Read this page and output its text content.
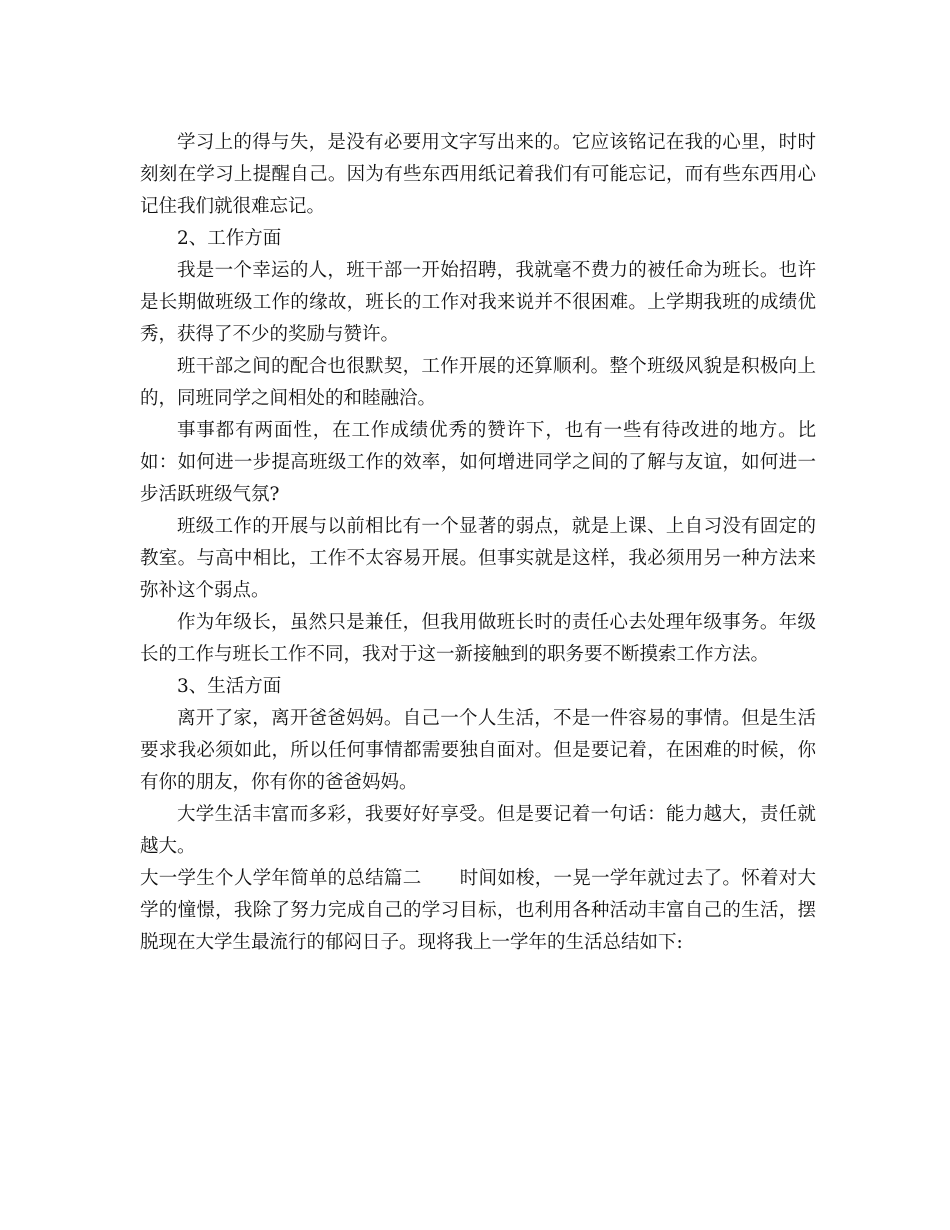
学习上的得与失，是没有必要用文字写出来的。它应该铭记在我的心里，时时刻刻在学习上提醒自己。因为有些东西用纸记着我们有可能忘记，而有些东西用心记住我们就很难忘记。

2、工作方面

我是一个幸运的人，班干部一开始招聘，我就毫不费力的被任命为班长。也许是长期做班级工作的缘故，班长的工作对我来说并不很困难。上学期我班的成绩优秀，获得了不少的奖励与赞许。

班干部之间的配合也很默契，工作开展的还算顺利。整个班级风貌是积极向上的，同班同学之间相处的和睦融洽。

事事都有两面性，在工作成绩优秀的赞许下，也有一些有待改进的地方。比如：如何进一步提高班级工作的效率，如何增进同学之间的了解与友谊，如何进一步活跃班级气氛?

班级工作的开展与以前相比有一个显著的弱点，就是上课、上自习没有固定的教室。与高中相比，工作不太容易开展。但事实就是这样，我必须用另一种方法来弥补这个弱点。

作为年级长，虽然只是兼任，但我用做班长时的责任心去处理年级事务。年级长的工作与班长工作不同，我对于这一新接触到的职务要不断摸索工作方法。

3、生活方面

离开了家，离开爸爸妈妈。自己一个人生活，不是一件容易的事情。但是生活要求我必须如此，所以任何事情都需要独自面对。但是要记着，在困难的时候，你有你的朋友，你有你的爸爸妈妈。

大学生活丰富而多彩，我要好好享受。但是要记着一句话：能力越大，责任就越大。

大一学生个人学年简单的总结篇二 时间如梭，一晃一学年就过去了。怀着对大学的憧憬，我除了努力完成自己的学习目标，也利用各种活动丰富自己的生活，摆脱现在大学生最流行的郁闷日子。现将我上一学年的生活总结如下:
